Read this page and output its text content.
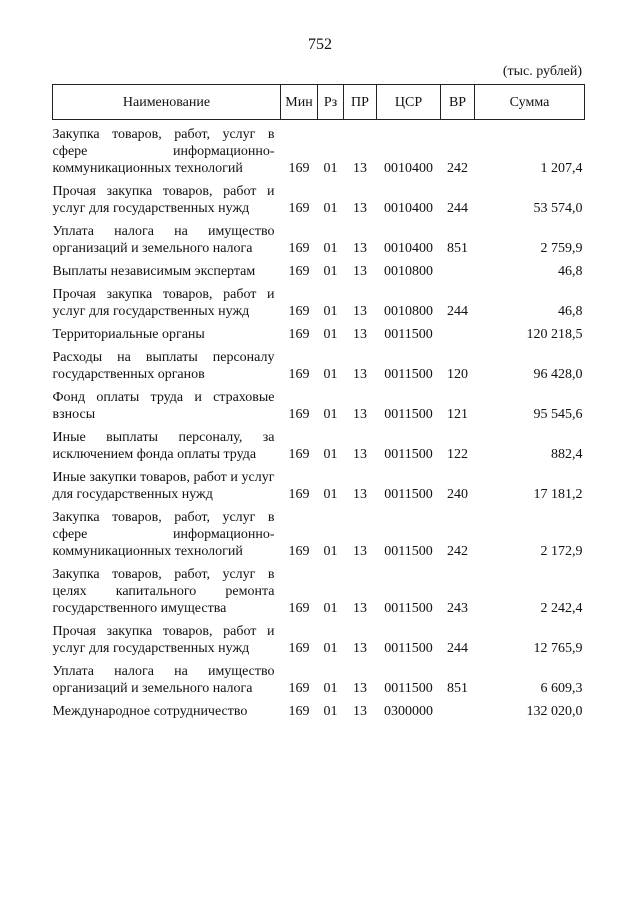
752
(тыс. рублей)
Наименование	Мин	Рз	ПР	ЦСР	ВР	Сумма
Закупка товаров, работ, услуг в сфере информационно-коммуникационных технологий	169	01	13	0010400	242	1 207,4
Прочая закупка товаров, работ и услуг для государственных нужд	169	01	13	0010400	244	53 574,0
Уплата налога на имущество организаций и земельного налога	169	01	13	0010400	851	2 759,9
Выплаты независимым экспертам	169	01	13	0010800		46,8
Прочая закупка товаров, работ и услуг для государственных нужд	169	01	13	0010800	244	46,8
Территориальные органы	169	01	13	0011500		120 218,5
Расходы на выплаты персоналу государственных органов	169	01	13	0011500	120	96 428,0
Фонд оплаты труда и страховые взносы	169	01	13	0011500	121	95 545,6
Иные выплаты персоналу, за исключением фонда оплаты труда	169	01	13	0011500	122	882,4
Иные закупки товаров, работ и услуг для государственных нужд	169	01	13	0011500	240	17 181,2
Закупка товаров, работ, услуг в сфере информационно-коммуникационных технологий	169	01	13	0011500	242	2 172,9
Закупка товаров, работ, услуг в целях капитального ремонта государственного имущества	169	01	13	0011500	243	2 242,4
Прочая закупка товаров, работ и услуг для государственных нужд	169	01	13	0011500	244	12 765,9
Уплата налога на имущество организаций и земельного налога	169	01	13	0011500	851	6 609,3
Международное сотрудничество	169	01	13	0300000		132 020,0
